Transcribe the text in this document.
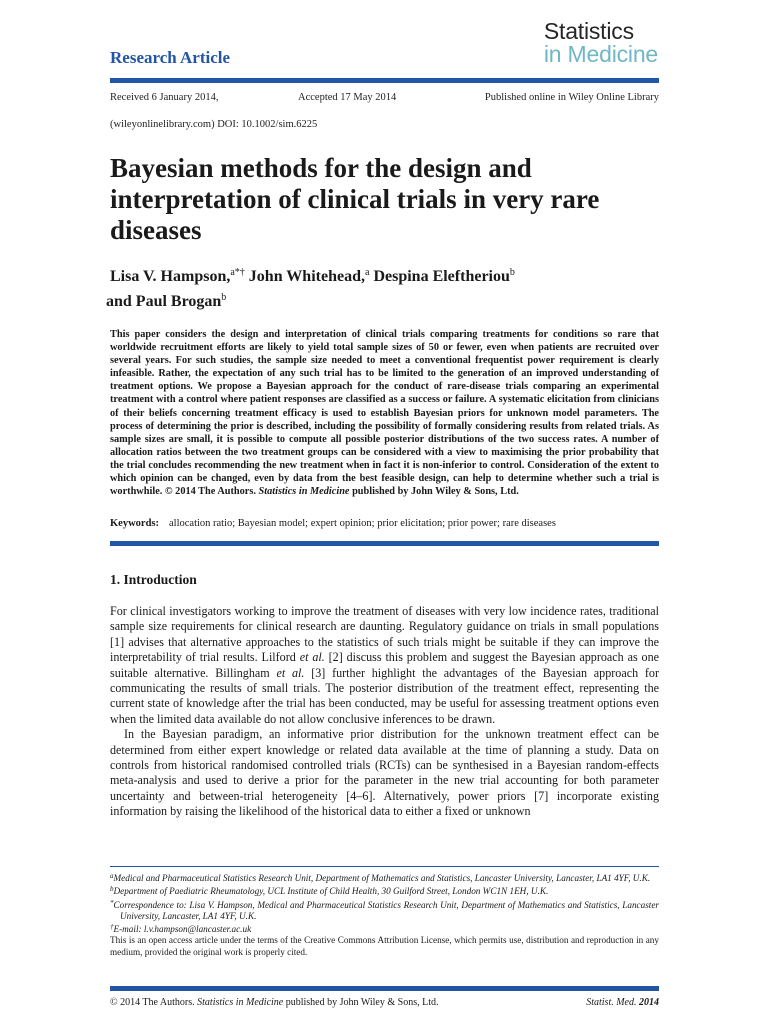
Statistics
in Medicine
Research Article
Received 6 January 2014,	Accepted 17 May 2014	Published online in Wiley Online Library
(wileyonlinelibrary.com) DOI: 10.1002/sim.6225
Bayesian methods for the design and interpretation of clinical trials in very rare diseases
Lisa V. Hampson,$^{a*\dagger}$ John Whitehead,$^a$ Despina Eleftheriou$^b$
and Paul Brogan$^b$
This paper considers the design and interpretation of clinical trials comparing treatments for conditions so rare that worldwide recruitment efforts are likely to yield total sample sizes of 50 or fewer, even when patients are recruited over several years. For such studies, the sample size needed to meet a conventional frequentist power requirement is clearly infeasible. Rather, the expectation of any such trial has to be limited to the generation of an improved understanding of treatment options. We propose a Bayesian approach for the conduct of rare-disease trials comparing an experimental treatment with a control where patient responses are classified as a success or failure. A systematic elicitation from clinicians of their beliefs concerning treatment efficacy is used to establish Bayesian priors for unknown model parameters. The process of determining the prior is described, including the possibility of formally considering results from related trials. As sample sizes are small, it is possible to compute all possible posterior distributions of the two success rates. A number of allocation ratios between the two treatment groups can be considered with a view to maximising the prior probability that the trial concludes recommending the new treatment when in fact it is non-inferior to control. Consideration of the extent to which opinion can be changed, even by data from the best feasible design, can help to determine whether such a trial is worthwhile. © 2014 The Authors. Statistics in Medicine published by John Wiley & Sons, Ltd.
Keywords: allocation ratio; Bayesian model; expert opinion; prior elicitation; prior power; rare diseases
1. Introduction

For clinical investigators working to improve the treatment of diseases with very low incidence rates, traditional sample size requirements for clinical research are daunting. Regulatory guidance on trials in small populations [1] advises that alternative approaches to the statistics of such trials might be suitable if they can improve the interpretability of trial results. Lilford et al. [2] discuss this problem and suggest the Bayesian approach as one suitable alternative. Billingham et al. [3] further highlight the advantages of the Bayesian approach for communicating the results of small trials. The posterior distribution of the treatment effect, representing the current state of knowledge after the trial has been conducted, may be useful for assessing treatment options even when the limited data available do not allow conclusive inferences to be drawn.

In the Bayesian paradigm, an informative prior distribution for the unknown treatment effect can be determined from either expert knowledge or related data available at the time of planning a study. Data on controls from historical randomised controlled trials (RCTs) can be synthesised in a Bayesian random-effects meta-analysis and used to derive a prior for the parameter in the new trial accounting for both parameter uncertainty and between-trial heterogeneity [4–6]. Alternatively, power priors [7] incorporate existing information by raising the likelihood of the historical data to either a fixed or unknown

$^a$Medical and Pharmaceutical Statistics Research Unit, Department of Mathematics and Statistics, Lancaster University, Lancaster, LA1 4YF, U.K.

$^b$Department of Paediatric Rheumatology, UCL Institute of Child Health, 30 Guilford Street, London WC1N 1EH, U.K.

*Correspondence to: Lisa V. Hampson, Medical and Pharmaceutical Statistics Research Unit, Department of Mathematics and Statistics, Lancaster University, Lancaster, LA1 4YF, U.K.

†E-mail: l.v.hampson@lancaster.ac.uk

This is an open access article under the terms of the Creative Commons Attribution License, which permits use, distribution and reproduction in any medium, provided the original work is properly cited.

© 2014 The Authors. Statistics in Medicine published by John Wiley & Sons, Ltd.	Statist. Med. 2014
